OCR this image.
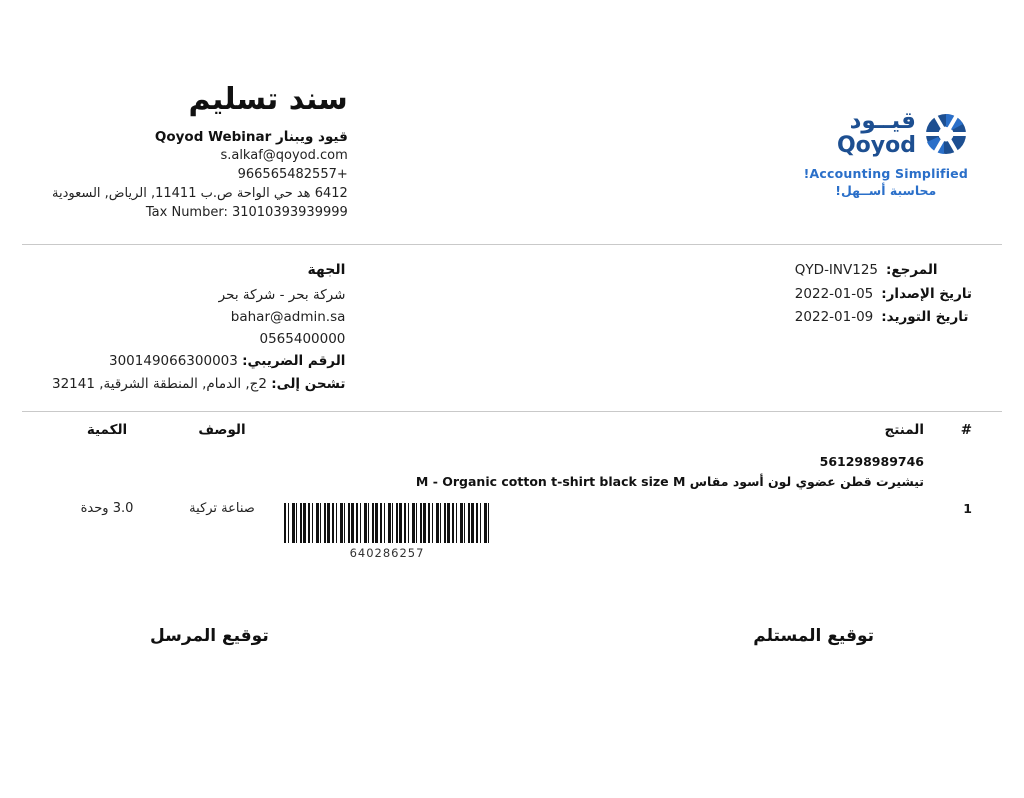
سند تسليم
قيود ويبنار Qoyod Webinar
s.alkaf@qoyod.com
+966565482557
6412 هد حي الواحة ص.ب 11411, الرياض, السعودية
Tax Number: 31010393939999
قيــود
Qoyod
Accounting Simplified!
محاسبة أســهل!
الجهة
شركة بحر - شركة بحر
bahar@admin.sa
0565400000
الرقم الضريبي: 300149066300003
تشحن إلى: 2ج, الدمام, المنطقة الشرقية, 32141
المرجع:
QYD-INV125
تاريخ الإصدار:
2022-01-05
تاريخ التوريد:
2022-01-09
#
المنتج
الوصف
الكمية
1
561298989746
تيشيرت قطن عضوي لون أسود مقاس M - Organic cotton t-shirt black size M
640286257
صناعة تركية
3.0 وحدة
توقيع المرسل	توقيع المستلم
